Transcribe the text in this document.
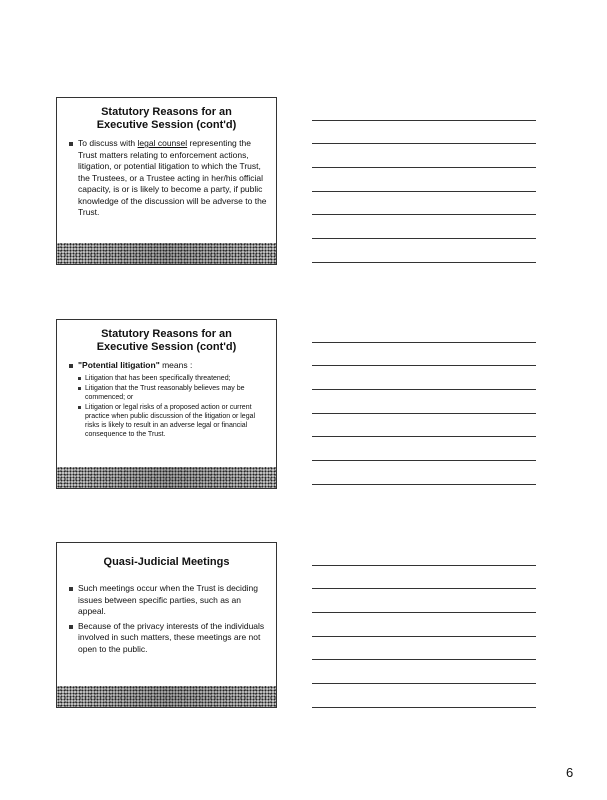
Statutory Reasons for an
Executive Session (cont'd)
To discuss with legal counsel representing the Trust matters relating to enforcement actions, litigation, or potential litigation to which the Trust, the Trustees, or a Trustee acting in her/his official capacity, is or is likely to become a party, if public knowledge of the discussion will be adverse to the Trust.
Statutory Reasons for an
Executive Session (cont'd)
"Potential litigation" means :
Litigation that has been specifically threatened;
Litigation that the Trust reasonably believes may be commenced; or
Litigation or legal risks of a proposed action or current practice when public discussion of the litigation or legal risks is likely to result in an adverse legal or financial consequence to the Trust.
Quasi-Judicial Meetings
Such meetings occur when the Trust is deciding issues between specific parties, such as an appeal.
Because of the privacy interests of the individuals involved in such matters, these meetings are not open to the public.
6
